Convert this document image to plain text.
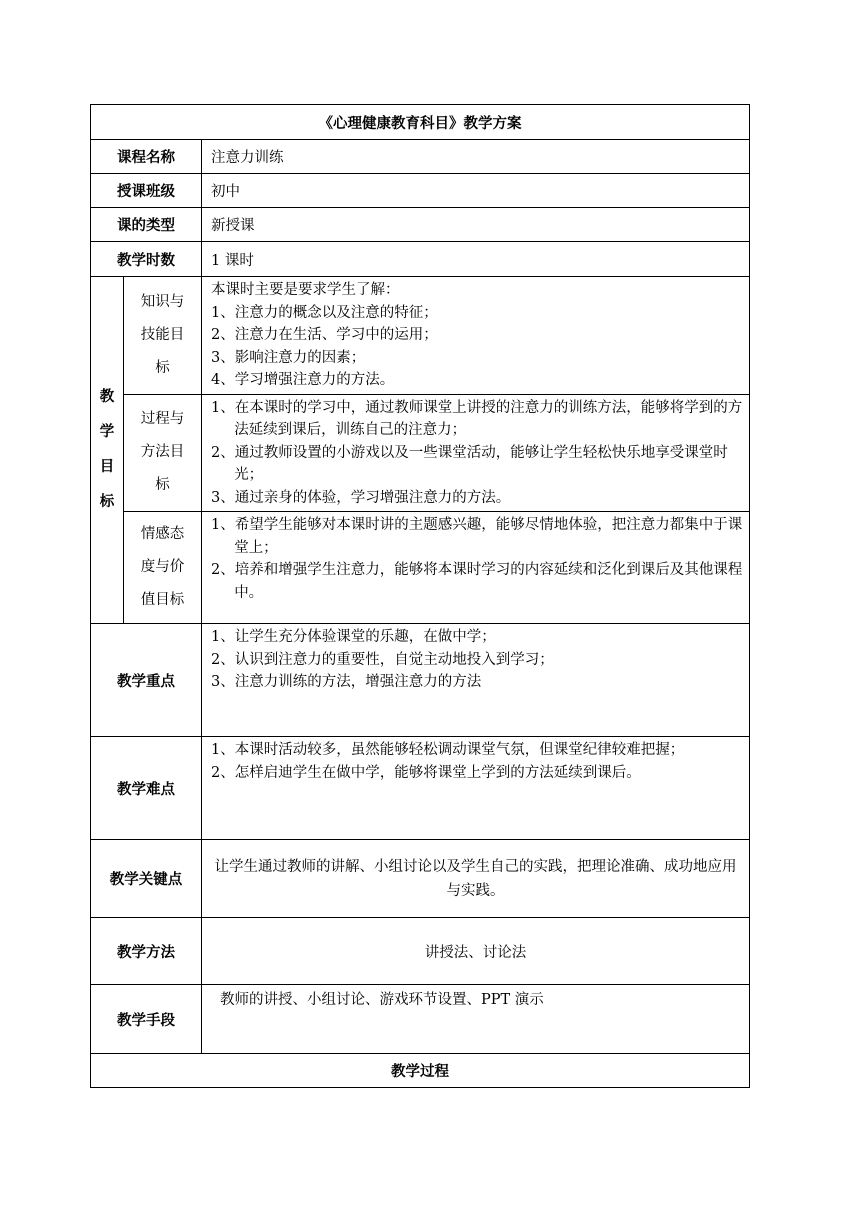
《心理健康教育科目》教学方案		
课程名称		注意力训练
授课班级		初中
课的类型		新授课
教学时数		1 课时

教
学
目
标	知识与
技能目
标	本课时主要是要求学生了解：
1、注意力的概念以及注意的特征；
2、注意力在生活、学习中的运用；
3、影响注意力的因素；
4、学习增强注意力的方法。

	过程与
方法目
标	1、在本课时的学习中，通过教师课堂上讲授的注意力的训练方法，能够将学到的方法延续到课后，训练自己的注意力；
2、通过教师设置的小游戏以及一些课堂活动，能够让学生轻松快乐地享受课堂时光；
3、通过亲身的体验，学习增强注意力的方法。

	情感态
度与价
值目标	1、希望学生能够对本课时讲的主题感兴趣，能够尽情地体验，把注意力都集中于课堂上；
2、培养和增强学生注意力，能够将本课时学习的内容延续和泛化到课后及其他课程中。

教学重点		1、让学生充分体验课堂的乐趣，在做中学；
2、认识到注意力的重要性，自觉主动地投入到学习；
3、注意力训练的方法，增强注意力的方法

教学难点		1、本课时活动较多，虽然能够轻松调动课堂气氛，但课堂纪律较难把握；
2、怎样启迪学生在做中学，能够将课堂上学到的方法延续到课后。

教学关键点		让学生通过教师的讲解、小组讨论以及学生自己的实践，把理论准确、成功地应用与实践。
教学方法		讲授法、讨论法
教学手段		教师的讲授、小组讨论、游戏环节设置、PPT 演示
教学过程		
